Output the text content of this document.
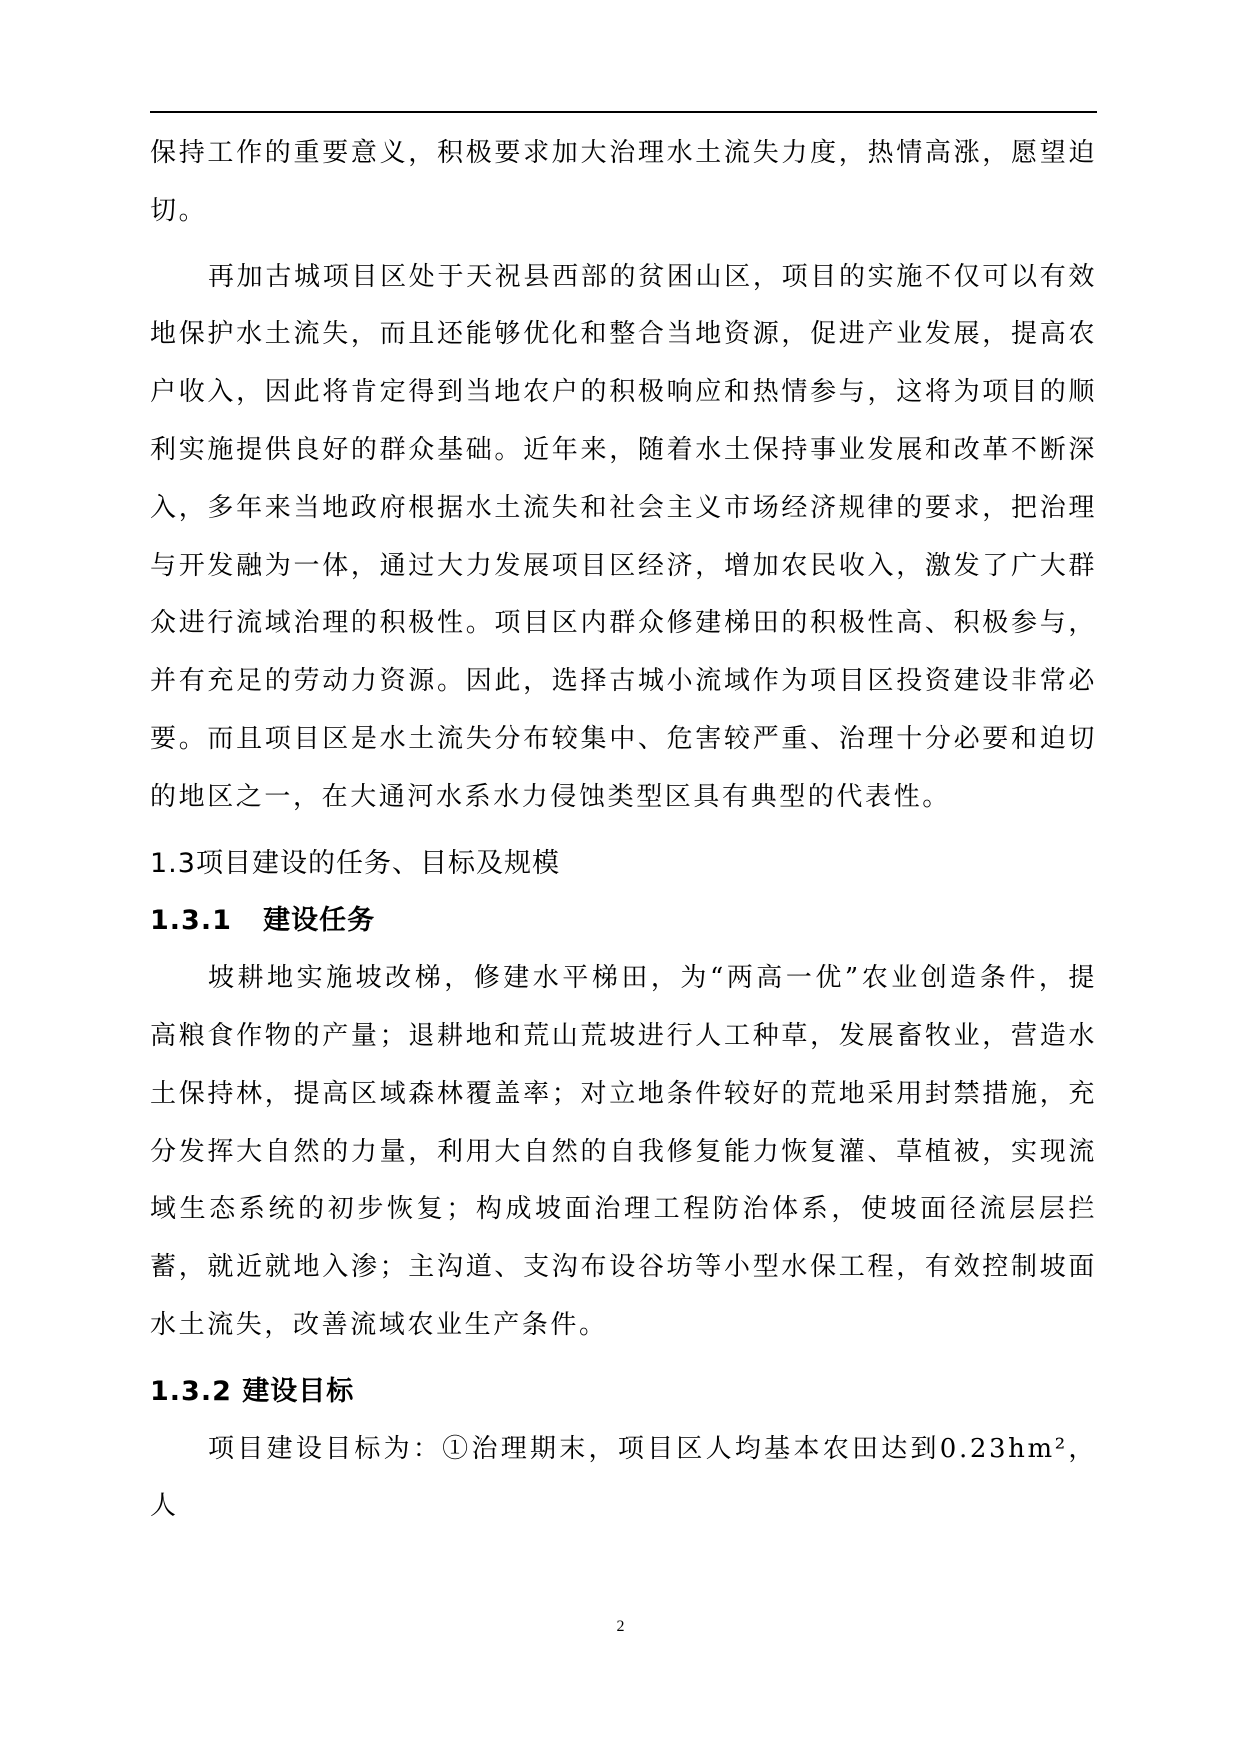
保持工作的重要意义，积极要求加大治理水土流失力度，热情高涨，愿望迫切。

再加古城项目区处于天祝县西部的贫困山区，项目的实施不仅可以有效地保护水土流失，而且还能够优化和整合当地资源，促进产业发展，提高农户收入，因此将肯定得到当地农户的积极响应和热情参与，这将为项目的顺利实施提供良好的群众基础。近年来，随着水土保持事业发展和改革不断深入，多年来当地政府根据水土流失和社会主义市场经济规律的要求，把治理与开发融为一体，通过大力发展项目区经济，增加农民收入，激发了广大群众进行流域治理的积极性。项目区内群众修建梯田的积极性高、积极参与，并有充足的劳动力资源。因此，选择古城小流域作为项目区投资建设非常必要。而且项目区是水土流失分布较集中、危害较严重、治理十分必要和迫切的地区之一，在大通河水系水力侵蚀类型区具有典型的代表性。

1.3项目建设的任务、目标及规模

1.3.1   建设任务

坡耕地实施坡改梯，修建水平梯田，为“两高一优”农业创造条件，提高粮食作物的产量；退耕地和荒山荒坡进行人工种草，发展畜牧业，营造水土保持林，提高区域森林覆盖率；对立地条件较好的荒地采用封禁措施，充分发挥大自然的力量，利用大自然的自我修复能力恢复灌、草植被，实现流域生态系统的初步恢复；构成坡面治理工程防治体系，使坡面径流层层拦蓄，就近就地入渗；主沟道、支沟布设谷坊等小型水保工程，有效控制坡面水土流失，改善流域农业生产条件。

1.3.2 建设目标

项目建设目标为：①治理期末，项目区人均基本农田达到0.23hm²，人

2
